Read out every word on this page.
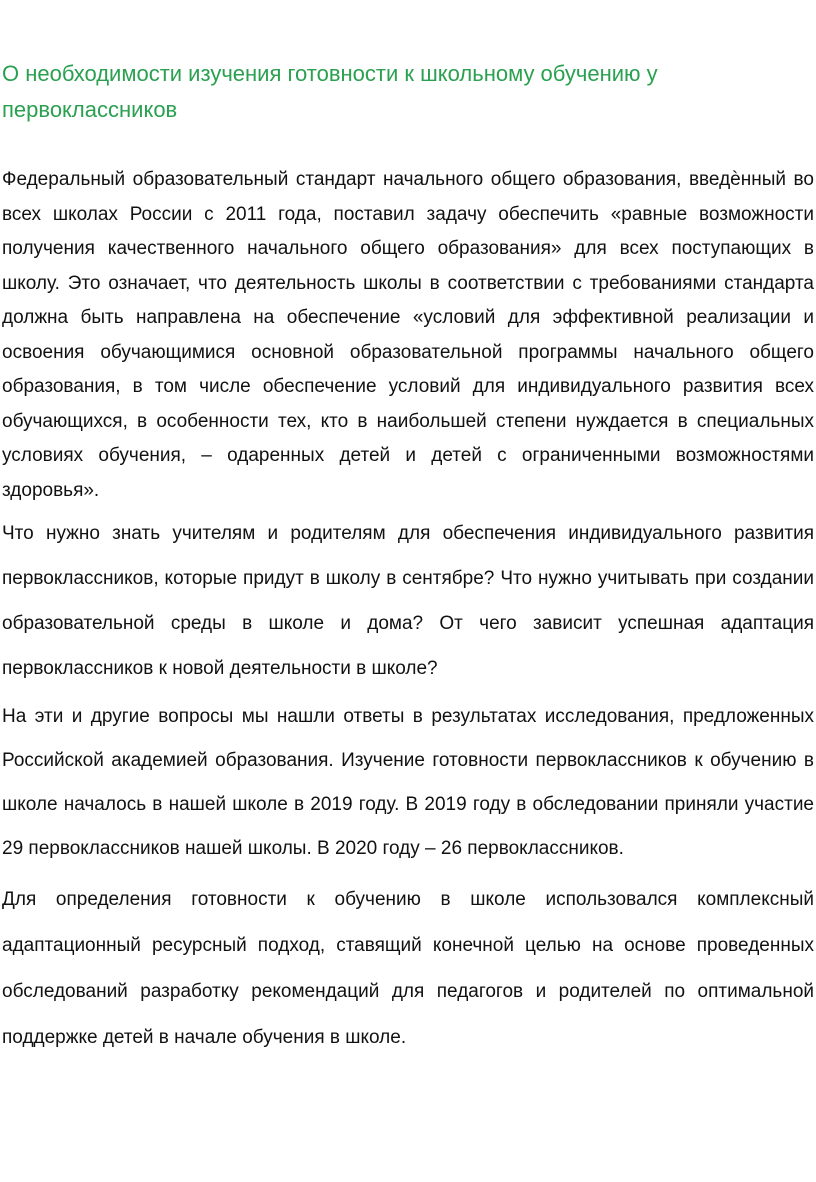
О необходимости изучения готовности к школьному обучению у первоклассников

Федеральный образовательный стандарт начального общего образования, введѐнный во всех школах России с 2011 года, поставил задачу обеспечить «равные возможности получения качественного начального общего образования» для всех поступающих в школу. Это означает, что деятельность школы в соответствии с требованиями стандарта должна быть направлена на обеспечение «условий для эффективной реализации и освоения обучающимися основной образовательной программы начального общего образования, в том числе обеспечение условий для индивидуального развития всех обучающихся, в особенности тех, кто в наибольшей степени нуждается в специальных условиях обучения, – одаренных детей и детей с ограниченными возможностями здоровья».

Что нужно знать учителям и родителям для обеспечения индивидуального развития первоклассников, которые придут в школу в сентябре? Что нужно учитывать при создании образовательной среды в школе и дома? От чего зависит успешная адаптация первоклассников к новой деятельности в школе?

На эти и другие вопросы мы нашли ответы в результатах исследования, предложенных Российской академией образования. Изучение готовности первоклассников к обучению в школе началось в нашей школе в 2019 году. В 2019 году в обследовании приняли участие 29 первоклассников нашей школы. В 2020 году – 26 первоклассников.

Для определения готовности к обучению в школе использовался комплексный адаптационный ресурсный подход, ставящий конечной целью на основе проведенных обследований разработку рекомендаций для педагогов и родителей по оптимальной поддержке детей в начале обучения в школе.
